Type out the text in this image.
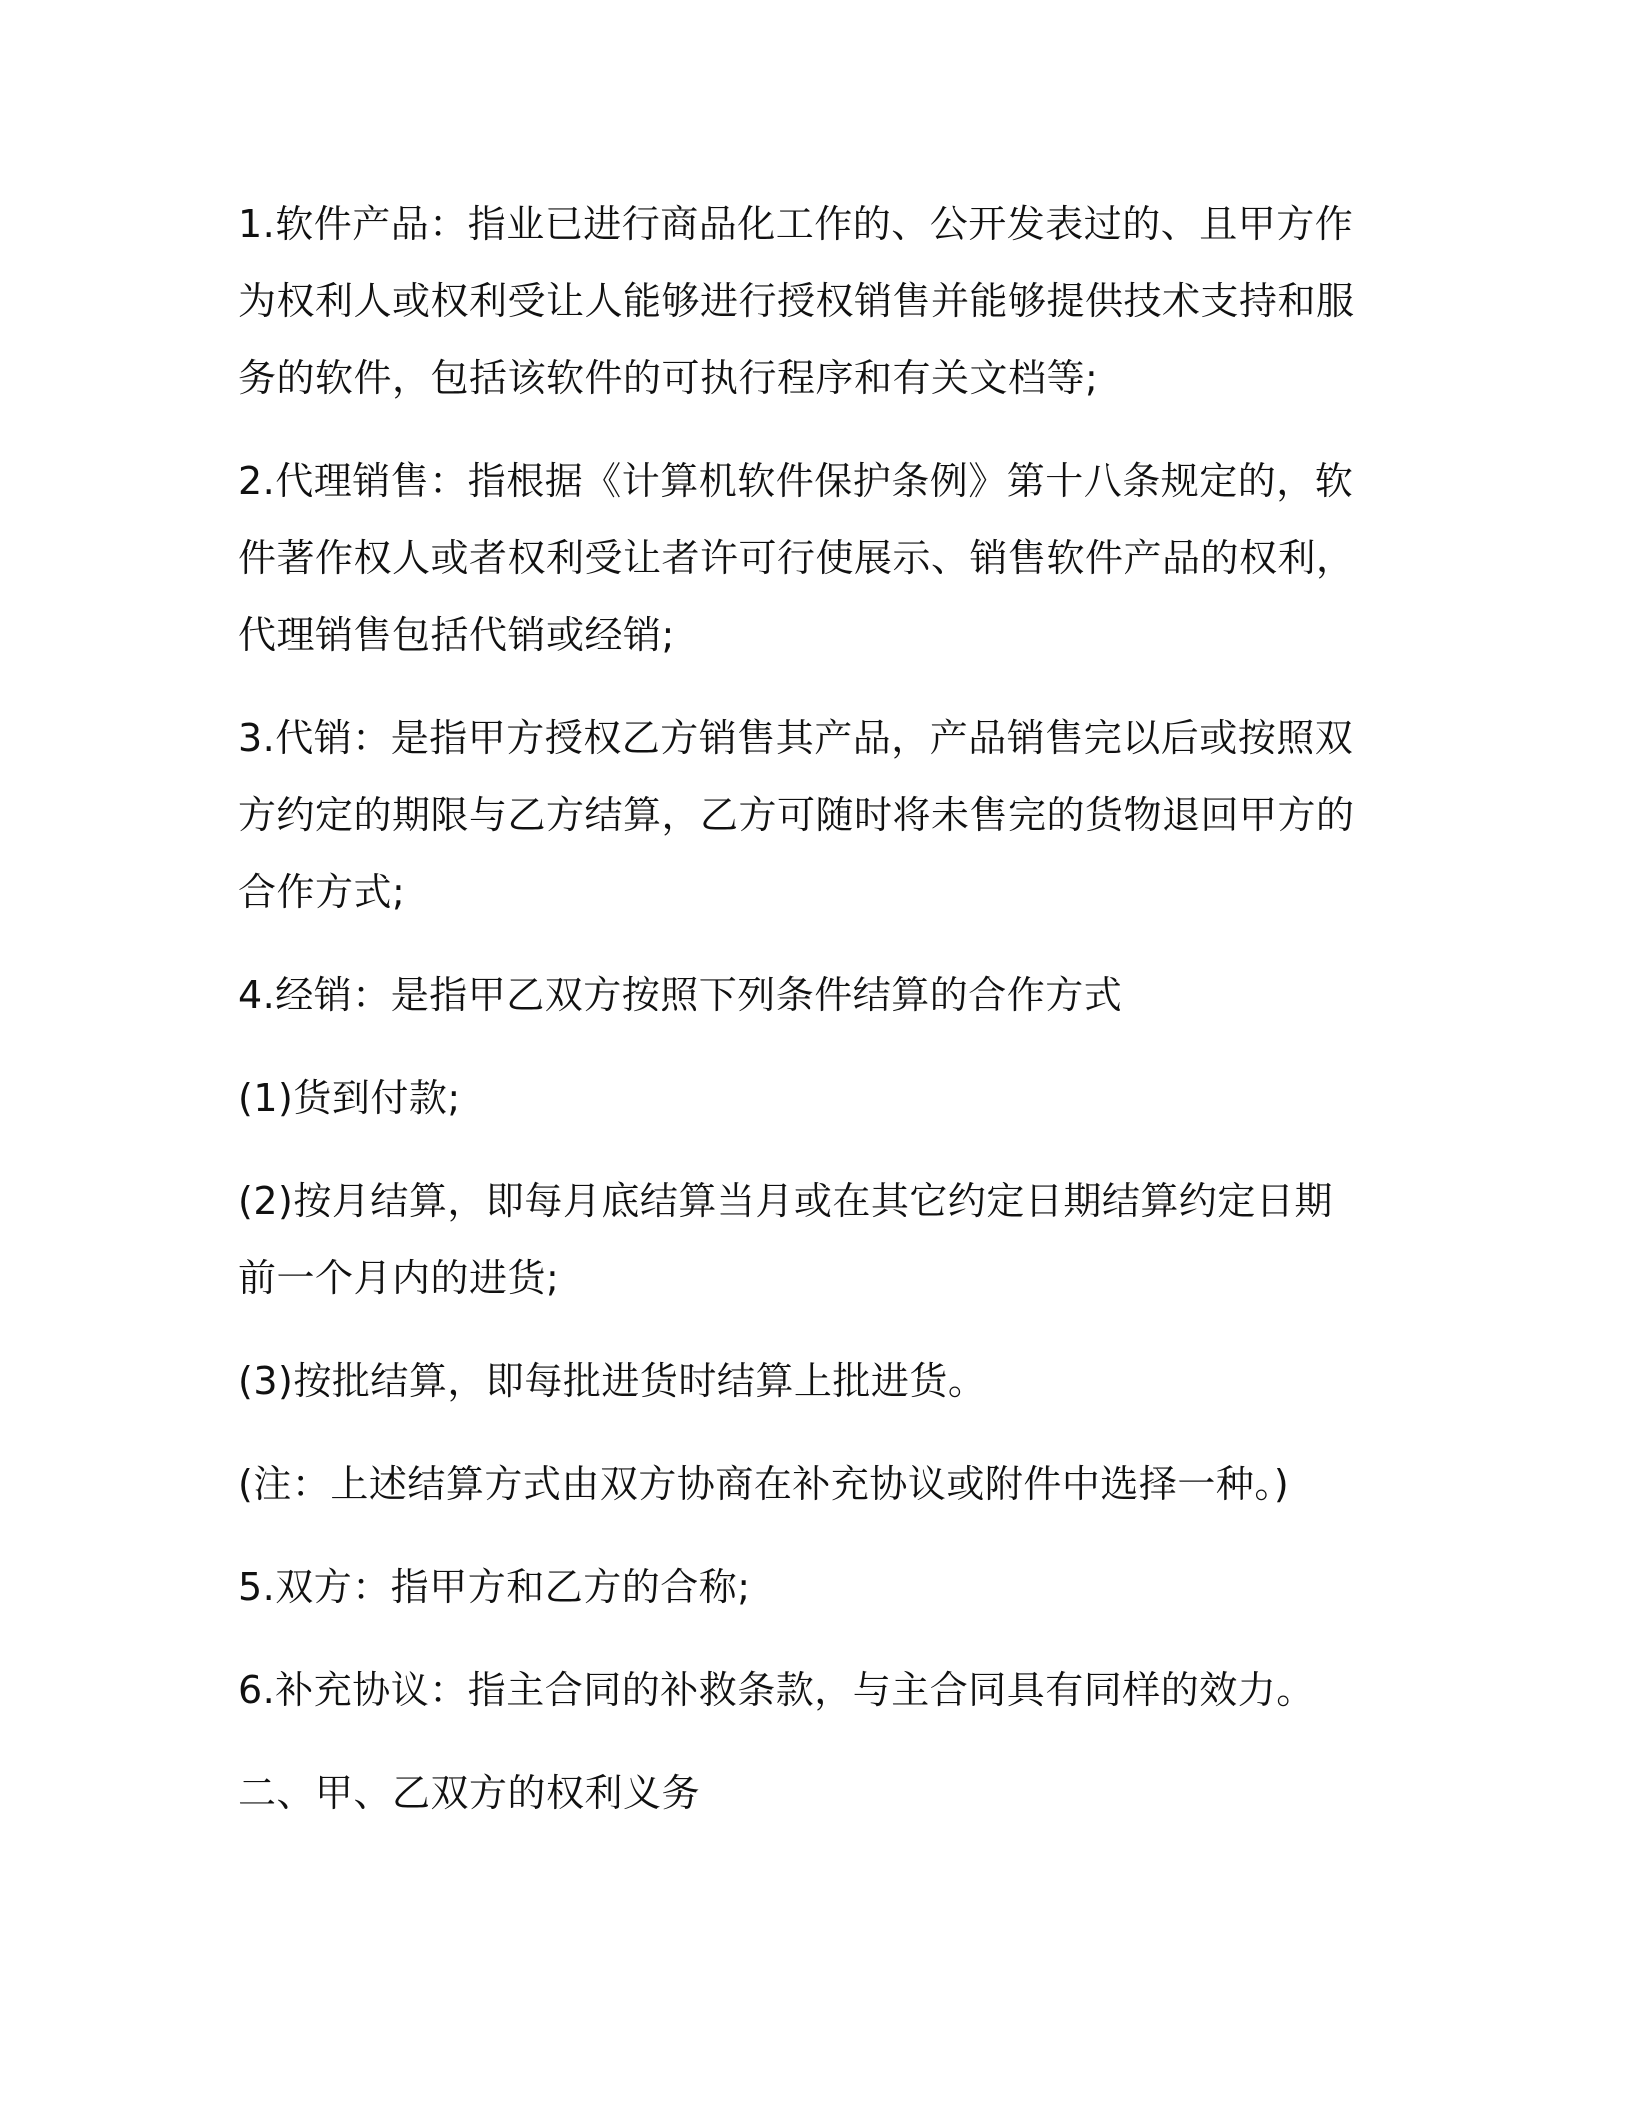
1.软件产品：指业已进行商品化工作的、公开发表过的、且甲方作为权利人或权利受让人能够进行授权销售并能够提供技术支持和服务的软件，包括该软件的可执行程序和有关文档等;

2.代理销售：指根据《计算机软件保护条例》第十八条规定的，软件著作权人或者权利受让者许可行使展示、销售软件产品的权利，代理销售包括代销或经销;

3.代销：是指甲方授权乙方销售其产品，产品销售完以后或按照双方约定的期限与乙方结算，乙方可随时将未售完的货物退回甲方的合作方式;

4.经销：是指甲乙双方按照下列条件结算的合作方式

(1)货到付款;

(2)按月结算，即每月底结算当月或在其它约定日期结算约定日期前一个月内的进货;

(3)按批结算，即每批进货时结算上批进货。

(注：上述结算方式由双方协商在补充协议或附件中选择一种。)

5.双方：指甲方和乙方的合称;

6.补充协议：指主合同的补救条款，与主合同具有同样的效力。

二、甲、乙双方的权利义务
